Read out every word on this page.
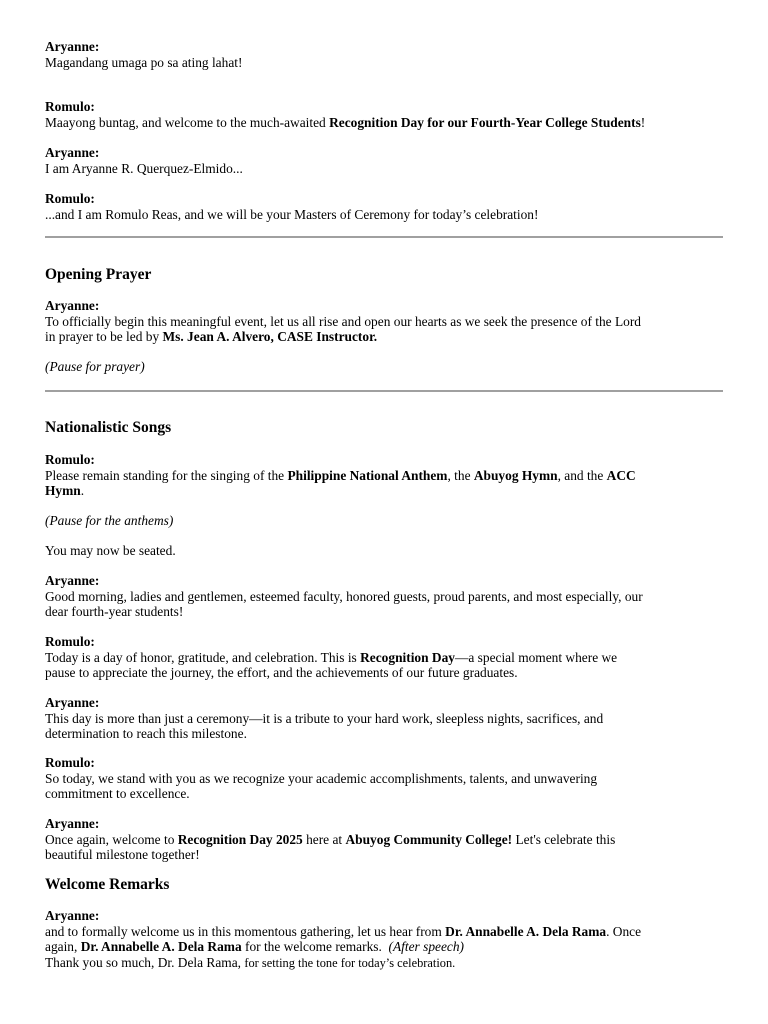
Aryanne:
Magandang umaga po sa ating lahat!
Romulo:
Maayong buntag, and welcome to the much-awaited Recognition Day for our Fourth-Year College Students!
Aryanne:
I am Aryanne R. Querquez-Elmido...
Romulo:
...and I am Romulo Reas, and we will be your Masters of Ceremony for today’s celebration!
Opening Prayer
Aryanne:
To officially begin this meaningful event, let us all rise and open our hearts as we seek the presence of the Lord
in prayer to be led by Ms. Jean A. Alvero, CASE Instructor.
(Pause for prayer)
Nationalistic Songs
Romulo:
Please remain standing for the singing of the Philippine National Anthem, the Abuyog Hymn, and the ACC
Hymn.
(Pause for the anthems)
You may now be seated.
Aryanne:
Good morning, ladies and gentlemen, esteemed faculty, honored guests, proud parents, and most especially, our
dear fourth-year students!
Romulo:
Today is a day of honor, gratitude, and celebration. This is Recognition Day—a special moment where we
pause to appreciate the journey, the effort, and the achievements of our future graduates.
Aryanne:
This day is more than just a ceremony—it is a tribute to your hard work, sleepless nights, sacrifices, and
determination to reach this milestone.
Romulo:
So today, we stand with you as we recognize your academic accomplishments, talents, and unwavering
commitment to excellence.
Aryanne:
Once again, welcome to Recognition Day 2025 here at Abuyog Community College! Let's celebrate this
beautiful milestone together!
Welcome Remarks
Aryanne:
and to formally welcome us in this momentous gathering, let us hear from Dr. Annabelle A. Dela Rama. Once
again, Dr. Annabelle A. Dela Rama for the welcome remarks.  (After speech)
Thank you so much, Dr. Dela Rama, for setting the tone for today’s celebration.
